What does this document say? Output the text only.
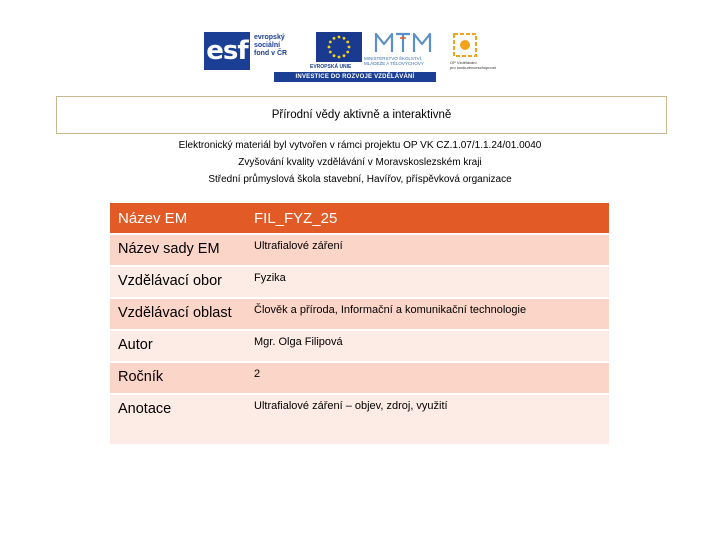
esf evropský
sociální
fond v ČR
EVROPSKÁ UNIE
MINISTERSTVO ŠKOLSTVÍ,
MLÁDEŽE A TĚLOVÝCHOVY	OP Vzdělávání
pro konkurenceschopnost
INVESTICE DO ROZVOJE VZDĚLÁVÁNÍ
Přírodní vědy aktivně a interaktivně
Elektronický materiál byl vytvořen v rámci projektu OP VK CZ.1.07/1.1.24/01.0040
Zvyšování kvality vzdělávání v Moravskoslezském kraji
Střední průmyslová škola stavební, Havířov, příspěvková organizace
Název EM	FIL_FYZ_25
Název sady EM	Ultrafialové záření
Vzdělávací obor	Fyzika
Vzdělávací oblast	Člověk a příroda, Informační a komunikační technologie
Autor	Mgr. Olga Filipová
Ročník	2
Anotace	Ultrafialové záření – objev, zdroj, využití
